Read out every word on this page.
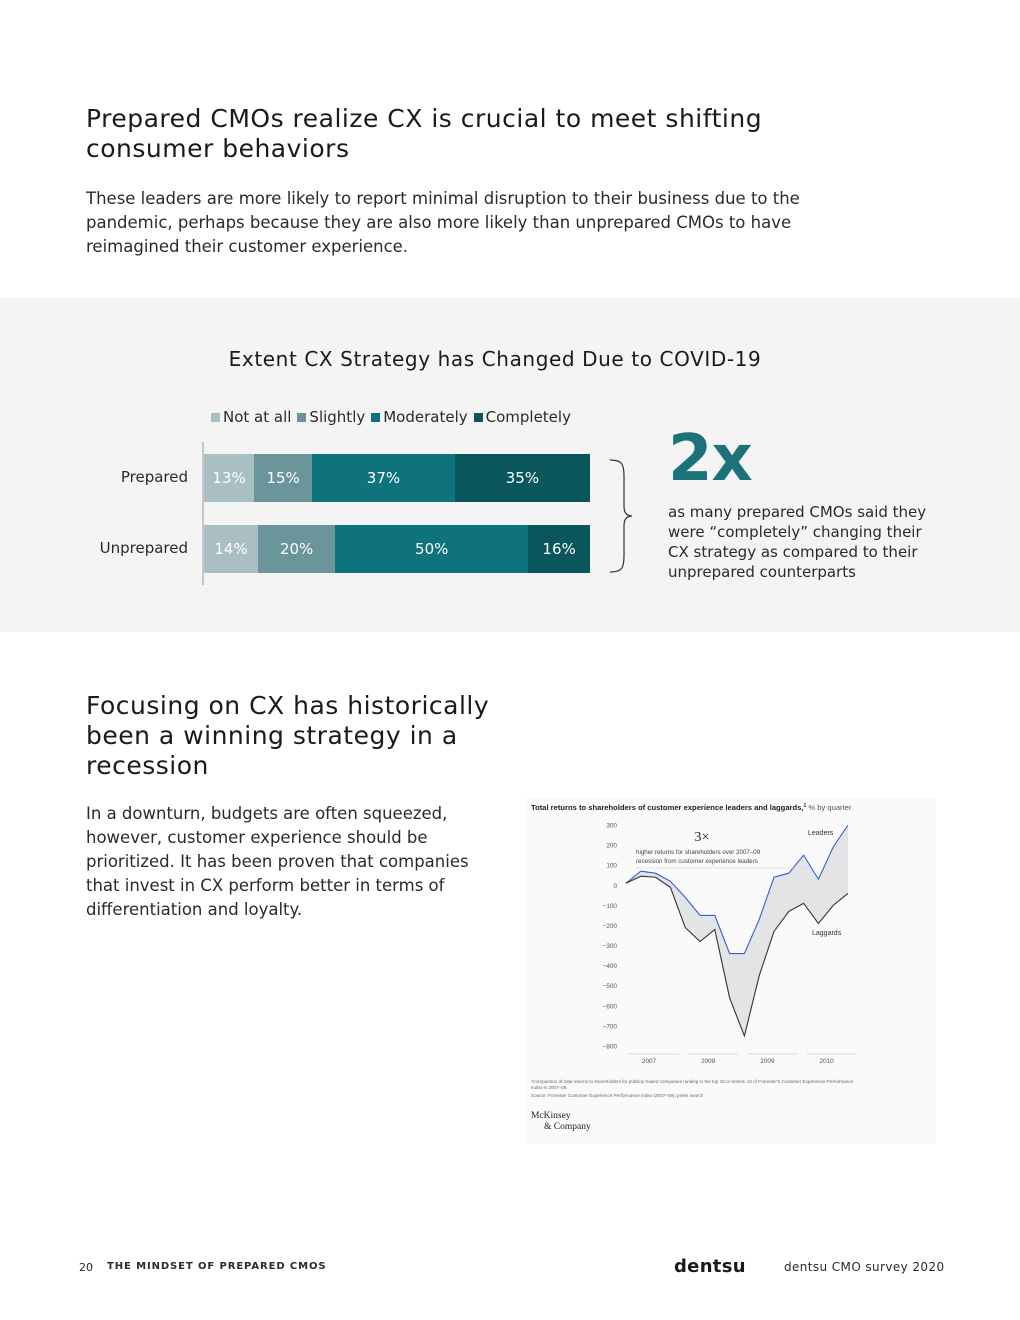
Prepared CMOs realize CX is crucial to meet shifting consumer behaviors
These leaders are more likely to report minimal disruption to their business due to the pandemic, perhaps because they are also more likely than unprepared CMOs to have reimagined their customer experience.
Extent CX Strategy has Changed Due to COVID-19
Not at all Slightly Moderately Completely
Prepared	13%	15%	37%	35%
Unprepared	14%	20%	50%	16%
2x
as many prepared CMOs said they were “completely” changing their CX strategy as compared to their unprepared counterparts
Focusing on CX has historically been a winning strategy in a recession
In a downturn, budgets are often squeezed, however, customer experience should be prioritized. It has been proven that companies that invest in CX perform better in terms of differentiation and loyalty.
Total returns to shareholders of customer experience leaders and laggards,$^1$ % by quarter
300
200
100
0
−100
−200
−300
−400
−500
−600
−700
−800
2007	2008	2009	2010
3×
higher returns for shareholders over 2007–09
recession from customer experience leaders
Leaders
Laggards
¹Comparison of total returns to shareholders for publicly traded companies ranking in the top 10 or bottom 10 of Forrester's Customer Experience Performance
Index in 2007–09.
Source: Forrester Customer Experience Performance Index (2007–09); press search
McKinsey
& Company
20 THE MINDSET OF PREPARED CMOS	dentsu	dentsu CMO survey 2020
